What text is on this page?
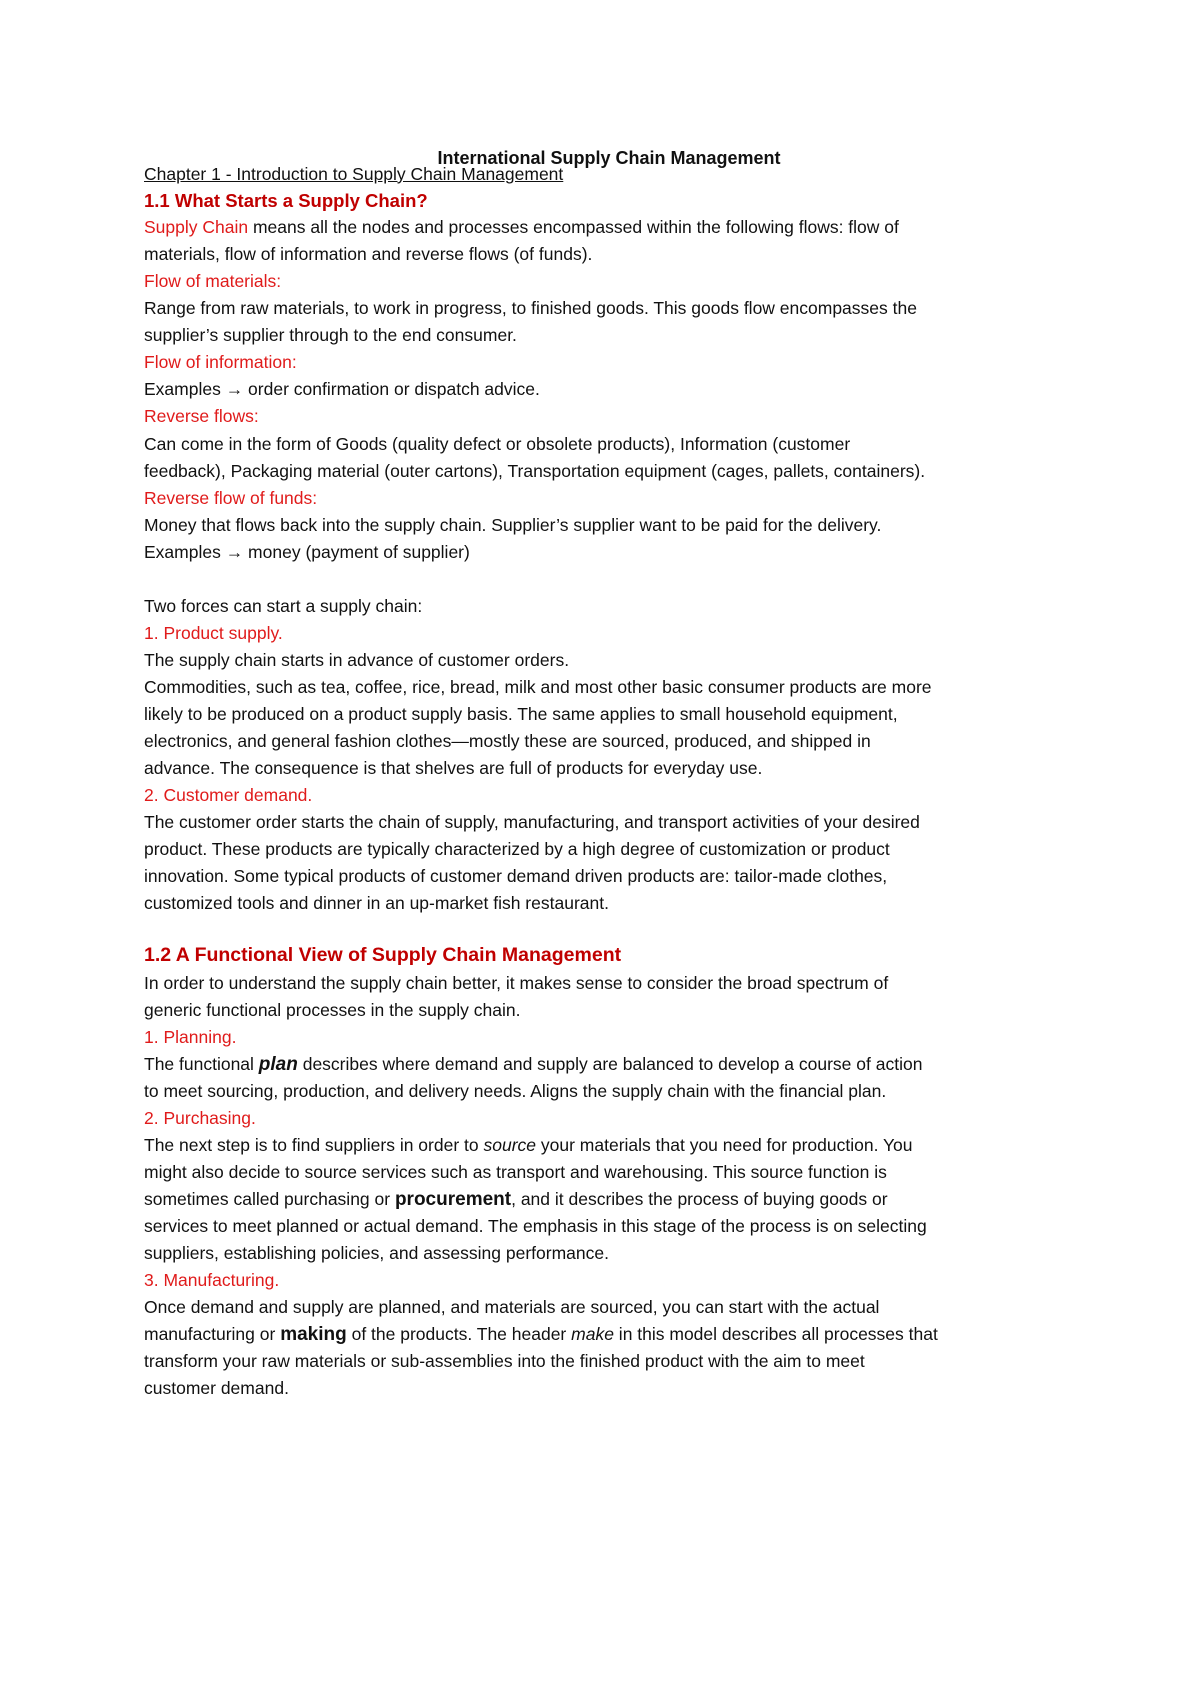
International Supply Chain Management
Chapter 1 - Introduction to Supply Chain Management
1.1 What Starts a Supply Chain?
Supply Chain means all the nodes and processes encompassed within the following flows: flow of
materials, flow of information and reverse flows (of funds).
Flow of materials:
Range from raw materials, to work in progress, to finished goods. This goods flow encompasses the
supplier’s supplier through to the end consumer.
Flow of information:
Examples → order confirmation or dispatch advice.
Reverse flows:
Can come in the form of Goods (quality defect or obsolete products), Information (customer
feedback), Packaging material (outer cartons), Transportation equipment (cages, pallets, containers).
Reverse flow of funds:
Money that flows back into the supply chain. Supplier’s supplier want to be paid for the delivery.
Examples → money (payment of supplier)
Two forces can start a supply chain:
1. Product supply.
The supply chain starts in advance of customer orders.
Commodities, such as tea, coffee, rice, bread, milk and most other basic consumer products are more
likely to be produced on a product supply basis. The same applies to small household equipment,
electronics, and general fashion clothes—mostly these are sourced, produced, and shipped in
advance. The consequence is that shelves are full of products for everyday use.
2. Customer demand.
The customer order starts the chain of supply, manufacturing, and transport activities of your desired
product. These products are typically characterized by a high degree of customization or product
innovation. Some typical products of customer demand driven products are: tailor-made clothes,
customized tools and dinner in an up-market fish restaurant.
1.2 A Functional View of Supply Chain Management
In order to understand the supply chain better, it makes sense to consider the broad spectrum of
generic functional processes in the supply chain.
1. Planning.
The functional plan describes where demand and supply are balanced to develop a course of action
to meet sourcing, production, and delivery needs. Aligns the supply chain with the financial plan.
2. Purchasing.
The next step is to find suppliers in order to source your materials that you need for production. You
might also decide to source services such as transport and warehousing. This source function is
sometimes called purchasing or procurement, and it describes the process of buying goods or
services to meet planned or actual demand. The emphasis in this stage of the process is on selecting
suppliers, establishing policies, and assessing performance.
3. Manufacturing.
Once demand and supply are planned, and materials are sourced, you can start with the actual
manufacturing or making of the products. The header make in this model describes all processes that
transform your raw materials or sub-assemblies into the finished product with the aim to meet
customer demand.
